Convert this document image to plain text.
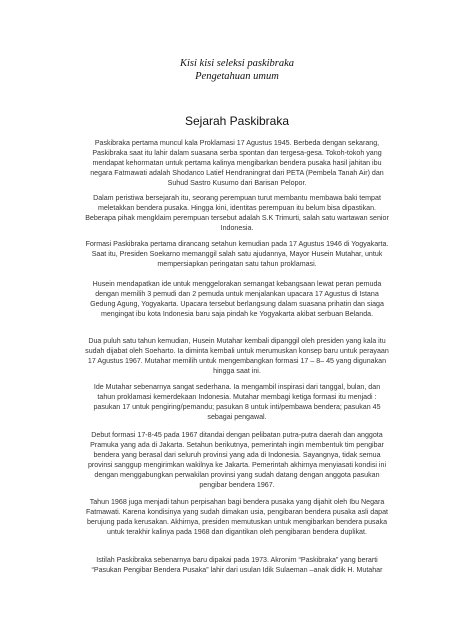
Kisi kisi seleksi paskibraka
Pengetahuan umum
Sejarah Paskibraka

Paskibraka pertama muncul kala Proklamasi 17 Agustus 1945. Berbeda dengan sekarang, Paskibraka saat itu lahir dalam suasana serba spontan dan tergesa-gesa. Tokoh-tokoh yang mendapat kehormatan untuk pertama kalinya mengibarkan bendera pusaka hasil jahitan ibu negara Fatmawati adalah Shodanco Latief Hendraningrat dari PETA (Pembela Tanah Air) dan Suhud Sastro Kusumo dari Barisan Pelopor.

Dalam peristiwa bersejarah itu, seorang perempuan turut membantu membawa baki tempat meletakkan bendera pusaka. Hingga kini, identitas perempuan itu belum bisa dipastikan. Beberapa pihak mengklaim perempuan tersebut adalah S.K Trimurti, salah satu wartawan senior Indonesia.

Formasi Paskibraka pertama dirancang setahun kemudian pada 17 Agustus 1946 di Yogyakarta. Saat itu, Presiden Soekarno memanggil salah satu ajudannya, Mayor Husein Mutahar, untuk mempersiapkan peringatan satu tahun proklamasi.

Husein mendapatkan ide untuk menggelorakan semangat kebangsaan lewat peran pemuda dengan memilih 3 pemudi dan 2 pemuda untuk menjalankan upacara 17 Agustus di Istana Gedung Agung, Yogyakarta. Upacara tersebut berlangsung dalam suasana prihatin dan siaga mengingat ibu kota Indonesia baru saja pindah ke Yogyakarta akibat serbuan Belanda.

Dua puluh satu tahun kemudian, Husein Mutahar kembali dipanggil oleh presiden yang kala itu sudah dijabat oleh Soeharto. Ia diminta kembali untuk merumuskan konsep baru untuk perayaan 17 Agustus 1967. Mutahar memilih untuk mengembangkan formasi 17 – 8– 45 yang digunakan hingga saat ini.

Ide Mutahar sebenarnya sangat sederhana. Ia mengambil inspirasi dari tanggal, bulan, dan tahun proklamasi kemerdekaan Indonesia. Mutahar membagi ketiga formasi itu menjadi : pasukan 17 untuk pengiring/pemandu; pasukan 8 untuk inti/pembawa bendera; pasukan 45 sebagai pengawal.

Debut formasi 17-8-45 pada 1967 ditandai dengan pelibatan putra-putra daerah dan anggota Pramuka yang ada di Jakarta. Setahun berikutnya, pemerintah ingin membentuk tim pengibar bendera yang berasal dari seluruh provinsi yang ada di Indonesia. Sayangnya, tidak semua provinsi sanggup mengirimkan wakilnya ke Jakarta. Pemerintah akhirnya menyiasati kondisi ini dengan menggabungkan perwakilan provinsi yang sudah datang dengan anggota pasukan pengibar bendera 1967.

Tahun 1968 juga menjadi tahun perpisahan bagi bendera pusaka yang dijahit oleh Ibu Negara Fatmawati. Karena kondisinya yang sudah dimakan usia, pengibaran bendera pusaka asli dapat berujung pada kerusakan. Akhirnya, presiden memutuskan untuk mengibarkan bendera pusaka untuk terakhir kalinya pada 1968 dan digantikan oleh pengibaran bendera duplikat.

Istilah Paskibraka sebenarnya baru dipakai pada 1973. Akronim “Paskibraka” yang berarti “Pasukan Pengibar Bendera Pusaka” lahir dari usulan Idik Sulaeman –anak didik H. Mutahar
